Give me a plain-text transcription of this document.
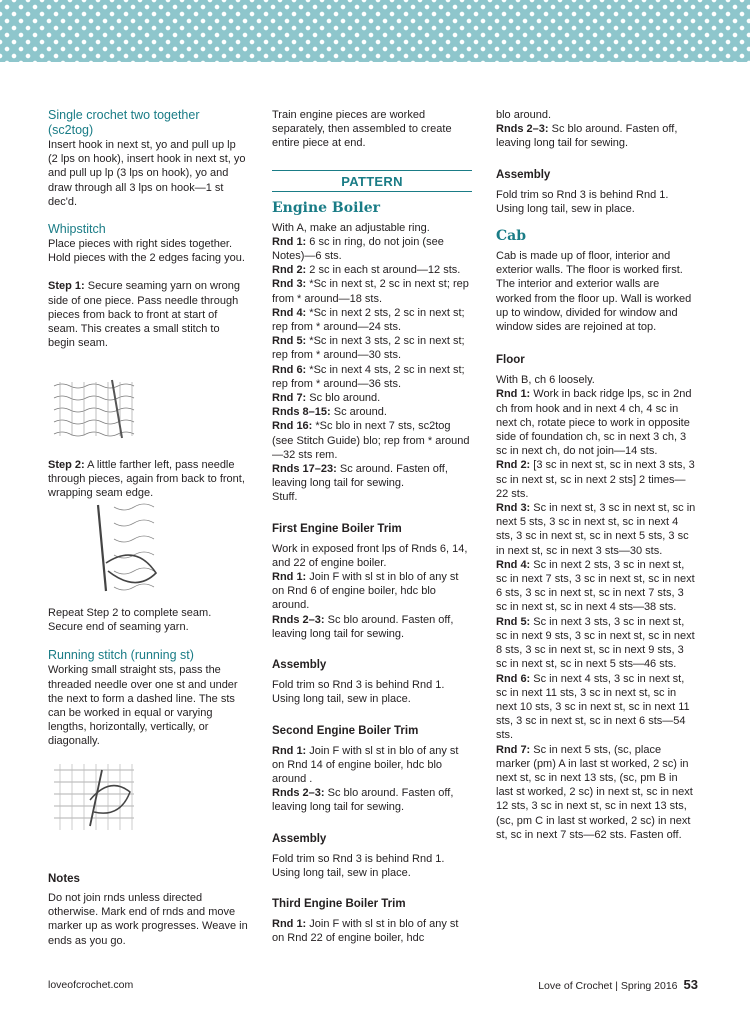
Single crochet two together (sc2tog)

Insert hook in next st, yo and pull up lp (2 lps on hook), insert hook in next st, yo and pull up lp (3 lps on hook), yo and draw through all 3 lps on hook—1 st dec'd.

Whipstitch

Place pieces with right sides together. Hold pieces with the 2 edges facing you.

Step 1: Secure seaming yarn on wrong side of one piece. Pass needle through pieces from back to front at start of seam. This creates a small stitch to begin seam.

Step 2: A little farther left, pass needle through pieces, again from back to front, wrapping seam edge.

Repeat Step 2 to complete seam. Secure end of seaming yarn.

Running stitch (running st)

Working small straight sts, pass the threaded needle over one st and under the next to form a dashed line. The sts can be worked in equal or varying lengths, horizontally, vertically, or diagonally.

Notes

Do not join rnds unless directed otherwise. Mark end of rnds and move marker up as work progresses. Weave in ends as you go.

Train engine pieces are worked separately, then assembled to create entire piece at end.

PATTERN
Engine Boiler

With A, make an adjustable ring.

Rnd 1: 6 sc in ring, do not join (see Notes)—6 sts.

Rnd 2: 2 sc in each st around—12 sts.

Rnd 3: *Sc in next st, 2 sc in next st; rep from * around—18 sts.

Rnd 4: *Sc in next 2 sts, 2 sc in next st; rep from * around—24 sts.

Rnd 5: *Sc in next 3 sts, 2 sc in next st; rep from * around—30 sts.

Rnd 6: *Sc in next 4 sts, 2 sc in next st; rep from * around—36 sts.

Rnd 7: Sc blo around.

Rnds 8–15: Sc around.

Rnd 16: *Sc blo in next 7 sts, sc2tog (see Stitch Guide) blo; rep from * around—32 sts rem.

Rnds 17–23: Sc around. Fasten off, leaving long tail for sewing.

Stuff.

First Engine Boiler Trim

Work in exposed front lps of Rnds 6, 14, and 22 of engine boiler.

Rnd 1: Join F with sl st in blo of any st on Rnd 6 of engine boiler, hdc blo around.

Rnds 2–3: Sc blo around. Fasten off, leaving long tail for sewing.

Assembly

Fold trim so Rnd 3 is behind Rnd 1. Using long tail, sew in place.

Second Engine Boiler Trim

Rnd 1: Join F with sl st in blo of any st on Rnd 14 of engine boiler, hdc blo around .

Rnds 2–3: Sc blo around. Fasten off, leaving long tail for sewing.

Assembly

Fold trim so Rnd 3 is behind Rnd 1. Using long tail, sew in place.

Third Engine Boiler Trim

Rnd 1: Join F with sl st in blo of any st on Rnd 22 of engine boiler, hdc

blo around.

Rnds 2–3: Sc blo around. Fasten off, leaving long tail for sewing.

Assembly

Fold trim so Rnd 3 is behind Rnd 1. Using long tail, sew in place.

Cab

Cab is made up of floor, interior and exterior walls. The floor is worked first. The interior and exterior walls are worked from the floor up. Wall is worked up to window, divided for window and window sides are rejoined at top.

Floor

With B, ch 6 loosely.

Rnd 1: Work in back ridge lps, sc in 2nd ch from hook and in next 4 ch, 4 sc in next ch, rotate piece to work in opposite side of foundation ch, sc in next 3 ch, 3 sc in next ch, do not join—14 sts.

Rnd 2: [3 sc in next st, sc in next 3 sts, 3 sc in next st, sc in next 2 sts] 2 times—22 sts.

Rnd 3: Sc in next st, 3 sc in next st, sc in next 5 sts, 3 sc in next st, sc in next 4 sts, 3 sc in next st, sc in next 5 sts, 3 sc in next st, sc in next 3 sts—30 sts.

Rnd 4: Sc in next 2 sts, 3 sc in next st, sc in next 7 sts, 3 sc in next st, sc in next 6 sts, 3 sc in next st, sc in next 7 sts, 3 sc in next st, sc in next 4 sts—38 sts.

Rnd 5: Sc in next 3 sts, 3 sc in next st, sc in next 9 sts, 3 sc in next st, sc in next 8 sts, 3 sc in next st, sc in next 9 sts, 3 sc in next st, sc in next 5 sts—46 sts.

Rnd 6: Sc in next 4 sts, 3 sc in next st, sc in next 11 sts, 3 sc in next st, sc in next 10 sts, 3 sc in next st, sc in next 11 sts, 3 sc in next st, sc in next 6 sts—54 sts.

Rnd 7: Sc in next 5 sts, (sc, place marker (pm) A in last st worked, 2 sc) in next st, sc in next 13 sts, (sc, pm B in last st worked, 2 sc) in next st, sc in next 12 sts, 3 sc in next st, sc in next 13 sts, (sc, pm C in last st worked, 2 sc) in next st, sc in next 7 sts—62 sts. Fasten off.

loveofcrochet.com	Love of Crochet | Spring 2016 53
